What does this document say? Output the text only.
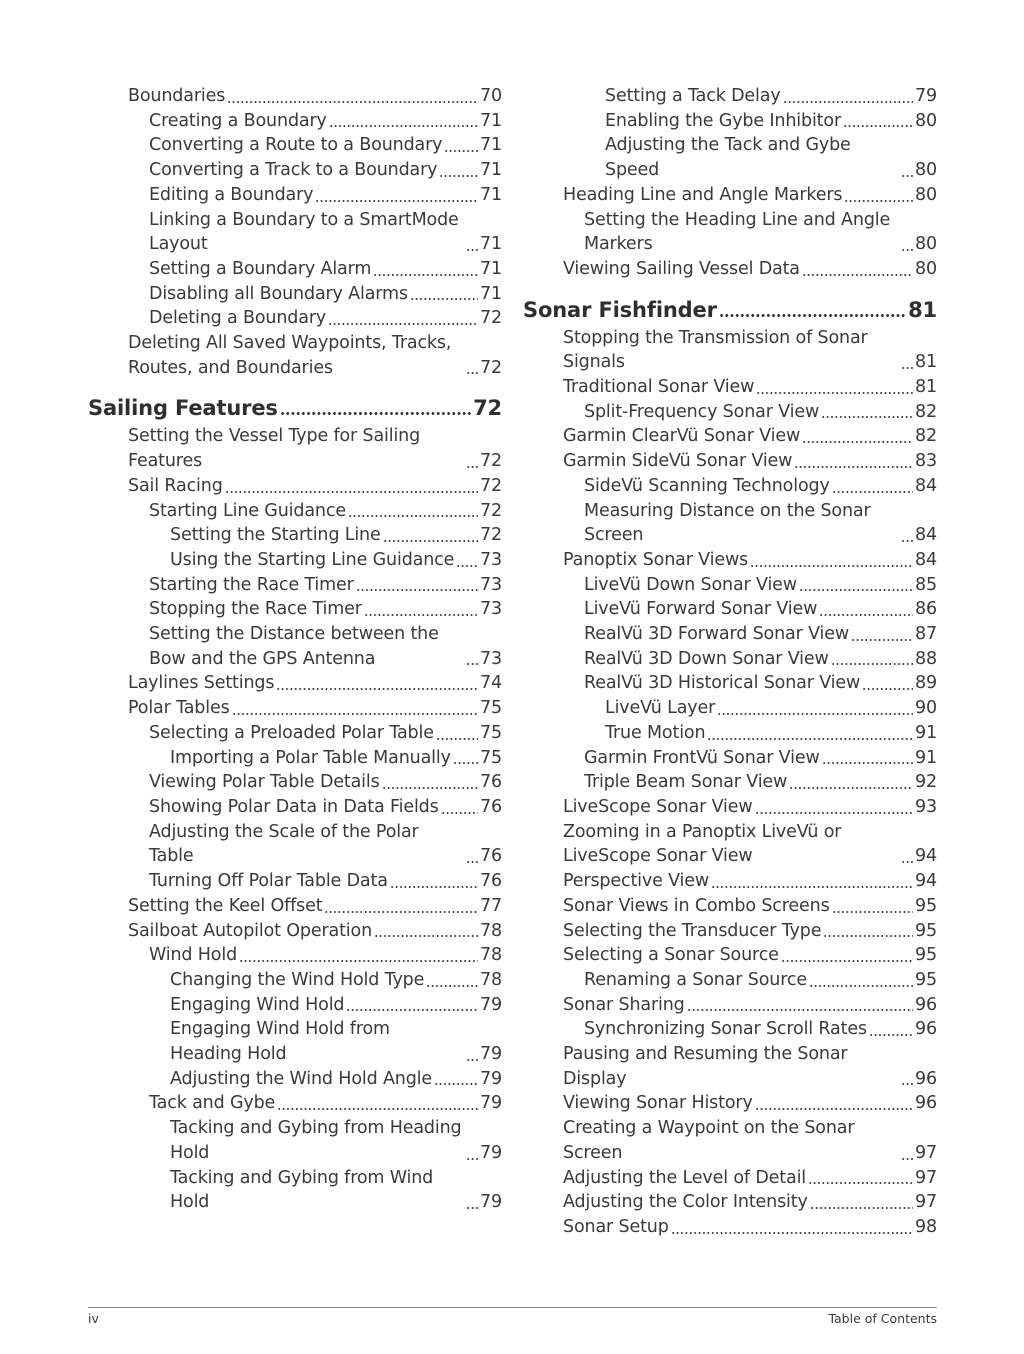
Boundaries	70
Creating a Boundary	71
Converting a Route to a Boundary 71
Converting a Track to a Boundary 71
Editing a Boundary	71
Linking a Boundary to a SmartMode Layout	71
Setting a Boundary Alarm	71
Disabling all Boundary Alarms	71
Deleting a Boundary	72
Deleting All Saved Waypoints, Tracks, Routes, and Boundaries	72
Sailing Features	72
Setting the Vessel Type for Sailing Features	72
Sail Racing	72
Starting Line Guidance	72
Setting the Starting Line	72
Using the Starting Line Guidance 73
Starting the Race Timer	73
Stopping the Race Timer	73
Setting the Distance between the Bow and the GPS Antenna	73
Laylines Settings	74
Polar Tables	75
Selecting a Preloaded Polar Table	75
Importing a Polar Table Manually 75
Viewing Polar Table Details	76
Showing Polar Data in Data Fields 76
Adjusting the Scale of the Polar Table	76
Turning Off Polar Table Data	76
Setting the Keel Offset	77
Sailboat Autopilot Operation	78
Wind Hold	78
Changing the Wind Hold Type	78
Engaging Wind Hold	79
Engaging Wind Hold from Heading Hold	79
Adjusting the Wind Hold Angle	79
Tack and Gybe	79
Tacking and Gybing from Heading Hold	79
Tacking and Gybing from Wind Hold	79
Setting a Tack Delay	79
Enabling the Gybe Inhibitor	80
Adjusting the Tack and Gybe Speed	80
Heading Line and Angle Markers	80
Setting the Heading Line and Angle Markers	80
Viewing Sailing Vessel Data	80
Sonar Fishfinder	81
Stopping the Transmission of Sonar Signals	81
Traditional Sonar View	81
Split-Frequency Sonar View	82
Garmin ClearVü Sonar View	82
Garmin SideVü Sonar View	83
SideVü Scanning Technology	84
Measuring Distance on the Sonar Screen	84
Panoptix Sonar Views	84
LiveVü Down Sonar View	85
LiveVü Forward Sonar View	86
RealVü 3D Forward Sonar View	87
RealVü 3D Down Sonar View	88
RealVü 3D Historical Sonar View	89
LiveVü Layer	90
True Motion	91
Garmin FrontVü Sonar View	91
Triple Beam Sonar View	92
LiveScope Sonar View	93
Zooming in a Panoptix LiveVü or LiveScope Sonar View	94
Perspective View	94
Sonar Views in Combo Screens	95
Selecting the Transducer Type	95
Selecting a Sonar Source	95
Renaming a Sonar Source	95
Sonar Sharing	96
Synchronizing Sonar Scroll Rates	96
Pausing and Resuming the Sonar Display	96
Viewing Sonar History	96
Creating a Waypoint on the Sonar Screen	97
Adjusting the Level of Detail	97
Adjusting the Color Intensity	97
Sonar Setup	98
iv	Table of Contents
